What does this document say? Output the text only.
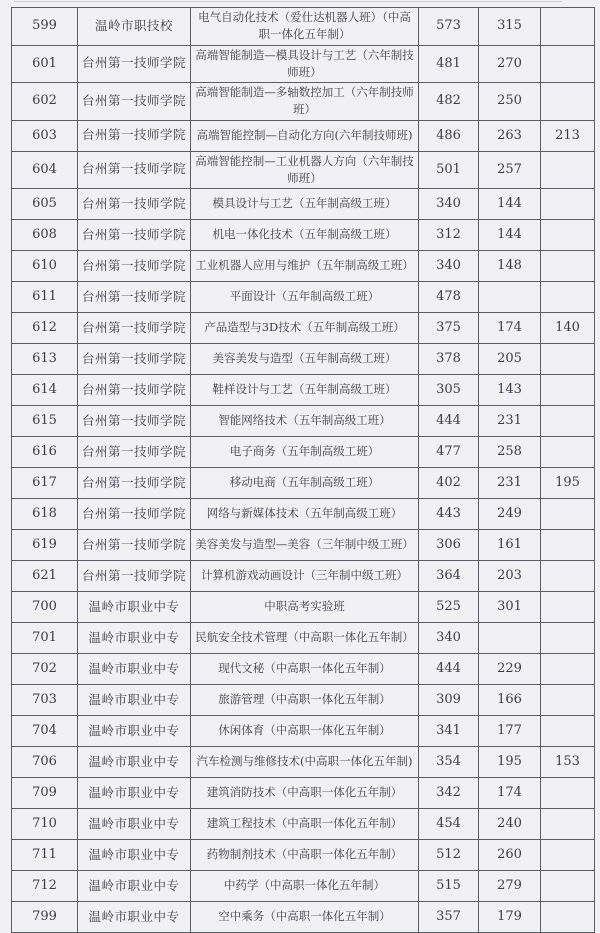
599	温岭市职技校	电气自动化技术（爱仕达机器人班）（中高职一体化五年制）	573	315	
601	台州第一技师学院	高端智能制造—模具设计与工艺（六年制技师班）	481	270	
602	台州第一技师学院	高端智能制造—多轴数控加工（六年制技师班）	482	250	
603	台州第一技师学院	高端智能控制—自动化方向(六年制技师班)	486	263	213
604	台州第一技师学院	高端智能控制—工业机器人方向（六年制技师班）	501	257	
605	台州第一技师学院	模具设计与工艺（五年制高级工班）	340	144	
608	台州第一技师学院	机电一体化技术（五年制高级工班）	312	144	
610	台州第一技师学院	工业机器人应用与维护（五年制高级工班）	340	148	
611	台州第一技师学院	平面设计（五年制高级工班）	478		
612	台州第一技师学院	产品造型与3D技术（五年制高级工班）	375	174	140
613	台州第一技师学院	美容美发与造型（五年制高级工班）	378	205	
614	台州第一技师学院	鞋样设计与工艺（五年制高级工班）	305	143	
615	台州第一技师学院	智能网络技术（五年制高级工班）	444	231	
616	台州第一技师学院	电子商务（五年制高级工班）	477	258	
617	台州第一技师学院	移动电商（五年制高级工班）	402	231	195
618	台州第一技师学院	网络与新媒体技术（五年制高级工班）	443	249	
619	台州第一技师学院	美容美发与造型—美容（三年制中级工班）	306	161	
621	台州第一技师学院	计算机游戏动画设计（三年制中级工班）	364	203	
700	温岭市职业中专	中职高考实验班	525	301	
701	温岭市职业中专	民航安全技术管理（中高职一体化五年制）	340		
702	温岭市职业中专	现代文秘（中高职一体化五年制）	444	229	
703	温岭市职业中专	旅游管理（中高职一体化五年制）	309	166	
704	温岭市职业中专	休闲体育（中高职一体化五年制）	341	177	
706	温岭市职业中专	汽车检测与维修技术(中高职一体化五年制)	354	195	153
709	温岭市职业中专	建筑消防技术（中高职一体化五年制）	342	174	
710	温岭市职业中专	建筑工程技术（中高职一体化五年制）	454	240	
711	温岭市职业中专	药物制剂技术（中高职一体化五年制）	512	260	
712	温岭市职业中专	中药学（中高职一体化五年制）	515	279	
799	温岭市职业中专	空中乘务（中高职一体化五年制）	357	179	
